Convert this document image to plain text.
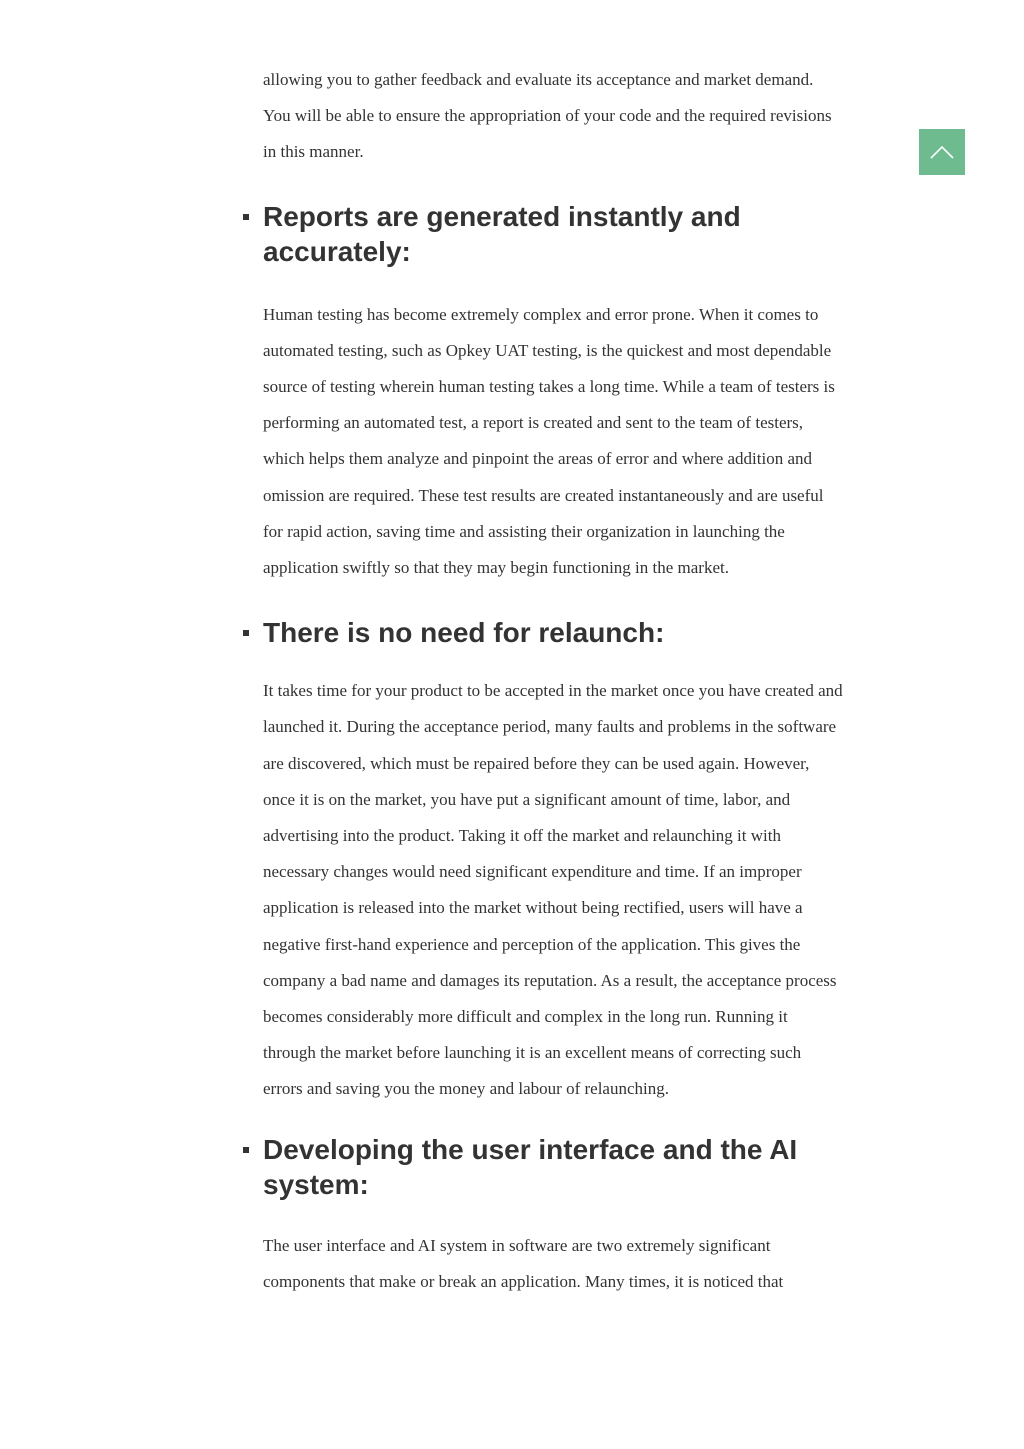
allowing you to gather feedback and evaluate its acceptance and market demand. You will be able to ensure the appropriation of your code and the required revisions in this manner.

Reports are generated instantly and accurately:

Human testing has become extremely complex and error prone. When it comes to automated testing, such as Opkey UAT testing, is the quickest and most dependable source of testing wherein human testing takes a long time. While a team of testers is performing an automated test, a report is created and sent to the team of testers, which helps them analyze and pinpoint the areas of error and where addition and omission are required. These test results are created instantaneously and are useful for rapid action, saving time and assisting their organization in launching the application swiftly so that they may begin functioning in the market.

There is no need for relaunch:

It takes time for your product to be accepted in the market once you have created and launched it. During the acceptance period, many faults and problems in the software are discovered, which must be repaired before they can be used again. However, once it is on the market, you have put a significant amount of time, labor, and advertising into the product. Taking it off the market and relaunching it with necessary changes would need significant expenditure and time. If an improper application is released into the market without being rectified, users will have a negative first-hand experience and perception of the application. This gives the company a bad name and damages its reputation. As a result, the acceptance process becomes considerably more difficult and complex in the long run. Running it through the market before launching it is an excellent means of correcting such errors and saving you the money and labour of relaunching.

Developing the user interface and the AI system:

The user interface and AI system in software are two extremely significant components that make or break an application. Many times, it is noticed that
